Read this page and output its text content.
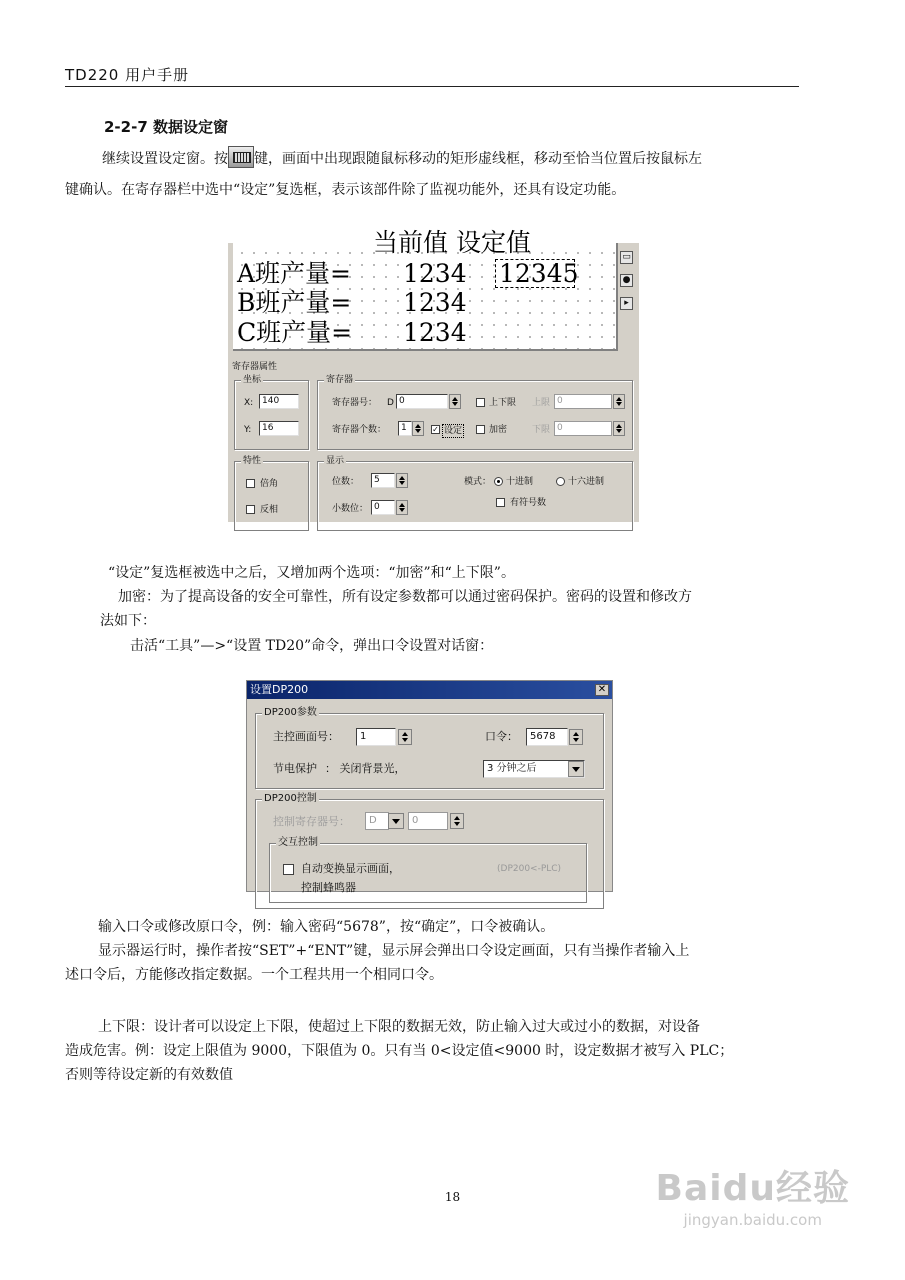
TD220 用户手册
2-2-7 数据设定窗
继续设置设定窗。按 键，画面中出现跟随鼠标移动的矩形虚线框，移动至恰当位置后按鼠标左
键确认。在寄存器栏中选中“设定”复选框，表示该部件除了监视功能外，还具有设定功能。
当前值 设定值
A班产量= 1234 12345
B班产量= 1234
C班产量= 1234
▭
●
▸
寄存器属性
坐标
X: 140
Y:	16
寄存器
寄存器号： D 0	上下限 上限 0
寄存器个数：	1	✓ 设定	加密	下限 0
特性
倍角
反相
显示
位数：	5
小数位： 0
模式： 十进制	十六进制
有符号数
“设定”复选框被选中之后，又增加两个选项：“加密”和“上下限”。
加密：为了提高设备的安全可靠性，所有设定参数都可以通过密码保护。密码的设置和修改方
法如下：
击活“工具”—>“设置 TD20”命令，弹出口令设置对话窗：
设置DP200	✕
DP200参数
主控画面号：	1	口令：	5678
节电保护 ： 关闭背景光，	3 分钟之后
DP200控制
控制寄存器号：	D	0
交互控制
自动变换显示画面，	(DP200<-PLC)
控制蜂鸣器
输入口令或修改原口令，例：输入密码“5678”，按“确定”，口令被确认。
显示器运行时，操作者按“SET”+“ENT”键，显示屏会弹出口令设定画面，只有当操作者输入上
述口令后，方能修改指定数据。一个工程共用一个相同口令。
上下限：设计者可以设定上下限，使超过上下限的数据无效，防止输入过大或过小的数据，对设备
造成危害。例：设定上限值为 9000，下限值为 0。只有当 0<设定值<9000 时，设定数据才被写入 PLC；
否则等待设定新的有效数值
18	Baidu经验
jingyan.baidu.com
